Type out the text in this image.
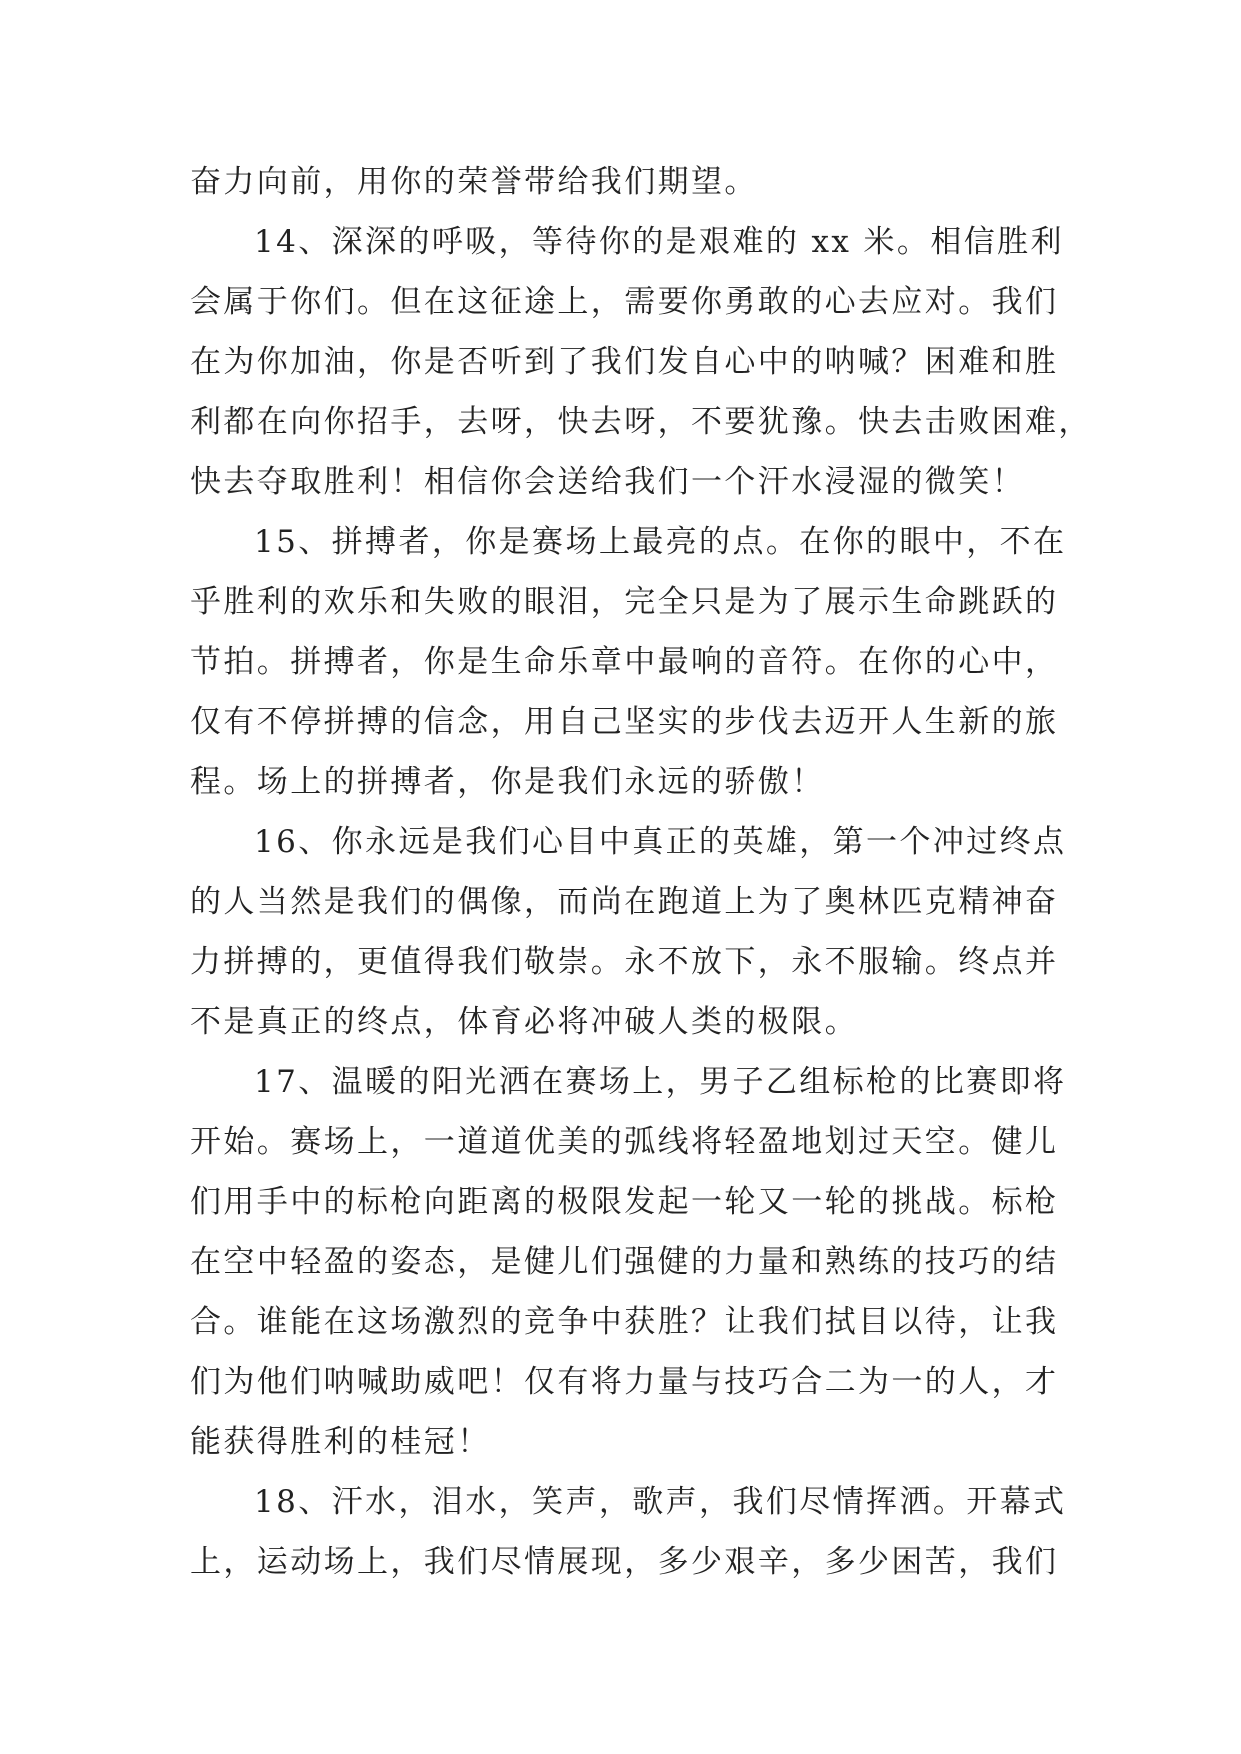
奋力向前，用你的荣誉带给我们期望。
14、深深的呼吸，等待你的是艰难的 xx 米。相信胜利
会属于你们。但在这征途上，需要你勇敢的心去应对。我们
在为你加油，你是否听到了我们发自心中的呐喊？困难和胜
利都在向你招手，去呀，快去呀，不要犹豫。快去击败困难，
快去夺取胜利！相信你会送给我们一个汗水浸湿的微笑！
15、拼搏者，你是赛场上最亮的点。在你的眼中，不在
乎胜利的欢乐和失败的眼泪，完全只是为了展示生命跳跃的
节拍。拼搏者，你是生命乐章中最响的音符。在你的心中，
仅有不停拼搏的信念，用自己坚实的步伐去迈开人生新的旅
程。场上的拼搏者，你是我们永远的骄傲！
16、你永远是我们心目中真正的英雄，第一个冲过终点
的人当然是我们的偶像，而尚在跑道上为了奥林匹克精神奋
力拼搏的，更值得我们敬崇。永不放下，永不服输。终点并
不是真正的终点，体育必将冲破人类的极限。
17、温暖的阳光洒在赛场上，男子乙组标枪的比赛即将
开始。赛场上，一道道优美的弧线将轻盈地划过天空。健儿
们用手中的标枪向距离的极限发起一轮又一轮的挑战。标枪
在空中轻盈的姿态，是健儿们强健的力量和熟练的技巧的结
合。谁能在这场激烈的竞争中获胜？让我们拭目以待，让我
们为他们呐喊助威吧！仅有将力量与技巧合二为一的人，才
能获得胜利的桂冠！
18、汗水，泪水，笑声，歌声，我们尽情挥洒。开幕式
上，运动场上，我们尽情展现，多少艰辛，多少困苦，我们
